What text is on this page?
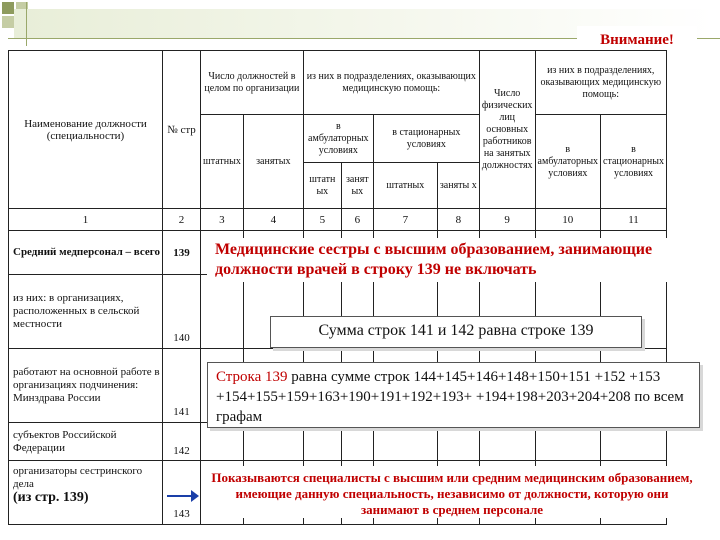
Внимание!
Наименование должности (специальности)	№ стр	Число должностей в целом по организации		из них в подразделениях, оказывающих медицинскую помощь:				Число физических лиц основных работников на занятых должностях	из них в подразделениях, оказывающих медицинскую помощь:	
		штатных	занятых	в амбулаторных условиях		в стационарных условиях			в амбулаторных условиях	в стационарных условиях
				штатн ых	занят ых	штатных	заняты х			
1	2	3	4	5	6	7	8	9	10	11
Средний медперсонал – всего	139									
из них: в организациях, расположенных в сельской местности	140									
работают на основной работе в организациях подчинения: Минздрава России	141									
субъектов Российской Федерации	142									
организаторы сестринского дела
(из стр. 139)	143									
Медицинские сестры с высшим образованием, занимающие должности врачей в строку 139 не включать
Сумма строк 141 и 142 равна строке 139
Строка 139 равна сумме строк 144+145+146+148+150+151 +152 +153 +154+155+159+163+190+191+192+193+ +194+198+203+204+208 по всем графам
Показываются специалисты с высшим или средним медицинским образованием, имеющие данную специальность, независимо от должности, которую они занимают в среднем персонале
